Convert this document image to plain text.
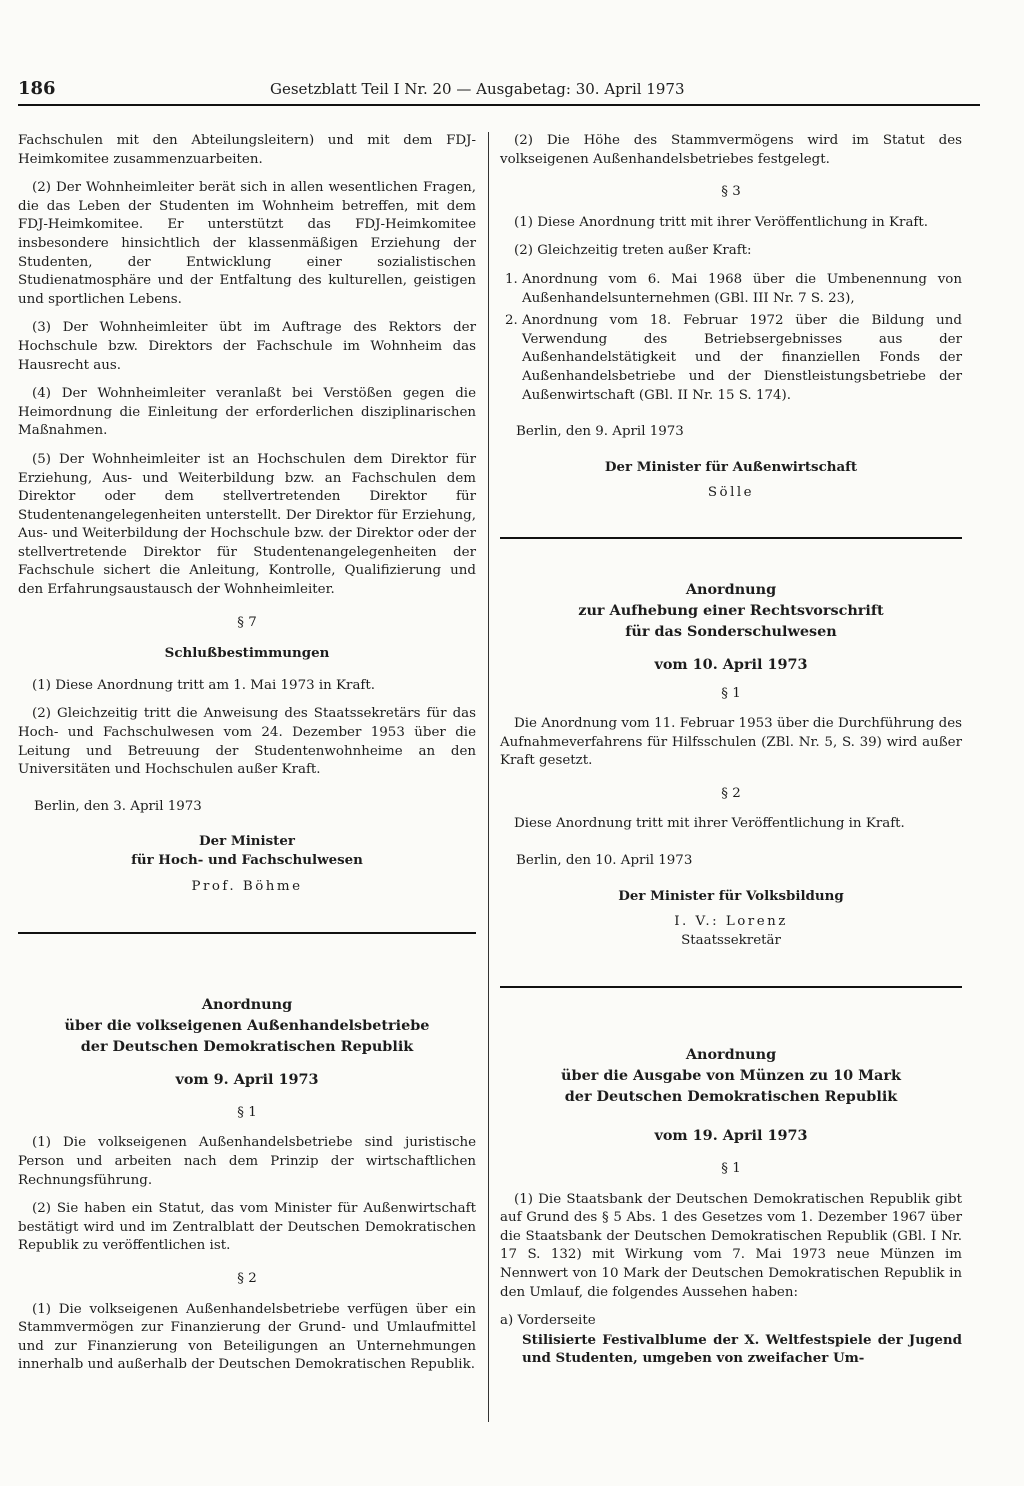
186	Gesetzblatt Teil I Nr. 20 — Ausgabetag: 30. April 1973

Fachschulen mit den Abteilungsleitern) und mit dem FDJ-Heimkomitee zusammenzuarbeiten.

(2) Der Wohnheimleiter berät sich in allen wesentlichen Fragen, die das Leben der Studenten im Wohnheim betreffen, mit dem FDJ-Heimkomitee. Er unterstützt das FDJ-Heimkomitee insbesondere hinsichtlich der klassenmäßigen Erziehung der Studenten, der Entwicklung einer sozialistischen Studienatmosphäre und der Entfaltung des kulturellen, geistigen und sportlichen Lebens.

(3) Der Wohnheimleiter übt im Auftrage des Rektors der Hochschule bzw. Direktors der Fachschule im Wohnheim das Hausrecht aus.

(4) Der Wohnheimleiter veranlaßt bei Verstößen gegen die Heimordnung die Einleitung der erforderlichen disziplinarischen Maßnahmen.

(5) Der Wohnheimleiter ist an Hochschulen dem Direktor für Erziehung, Aus- und Weiterbildung bzw. an Fachschulen dem Direktor oder dem stellvertretenden Direktor für Studentenangelegenheiten unterstellt. Der Direktor für Erziehung, Aus- und Weiterbildung der Hochschule bzw. der Direktor oder der stellvertretende Direktor für Studentenangelegenheiten der Fachschule sichert die Anleitung, Kontrolle, Qualifizierung und den Erfahrungsaustausch der Wohnheimleiter.

§ 7

Schlußbestimmungen

(1) Diese Anordnung tritt am 1. Mai 1973 in Kraft.

(2) Gleichzeitig tritt die Anweisung des Staatssekretärs für das Hoch- und Fachschulwesen vom 24. Dezember 1953 über die Leitung und Betreuung der Studentenwohnheime an den Universitäten und Hochschulen außer Kraft.

Berlin, den 3. April 1973

Der Minister

für Hoch- und Fachschulwesen

Prof. Böhme

Anordnung

über die volkseigenen Außenhandelsbetriebe

der Deutschen Demokratischen Republik

vom 9. April 1973

§ 1

(1) Die volkseigenen Außenhandelsbetriebe sind juristische Person und arbeiten nach dem Prinzip der wirtschaftlichen Rechnungsführung.

(2) Sie haben ein Statut, das vom Minister für Außenwirtschaft bestätigt wird und im Zentralblatt der Deutschen Demokratischen Republik zu veröffentlichen ist.

§ 2

(1) Die volkseigenen Außenhandelsbetriebe verfügen über ein Stammvermögen zur Finanzierung der Grund- und Umlaufmittel und zur Finanzierung von Beteiligungen an Unternehmungen innerhalb und außerhalb der Deutschen Demokratischen Republik.

(2) Die Höhe des Stammvermögens wird im Statut des volkseigenen Außenhandelsbetriebes festgelegt.

§ 3

(1) Diese Anordnung tritt mit ihrer Veröffentlichung in Kraft.

(2) Gleichzeitig treten außer Kraft:

1. Anordnung vom 6. Mai 1968 über die Umbenennung von Außenhandelsunternehmen (GBl. III Nr. 7 S. 23),
2. Anordnung vom 18. Februar 1972 über die Bildung und Verwendung des Betriebsergebnisses aus der Außenhandelstätigkeit und der finanziellen Fonds der Außenhandelsbetriebe und der Dienstleistungsbetriebe der Außenwirtschaft (GBl. II Nr. 15 S. 174).

Berlin, den 9. April 1973

Der Minister für Außenwirtschaft

Sölle

Anordnung

zur Aufhebung einer Rechtsvorschrift

für das Sonderschulwesen

vom 10. April 1973

§ 1

Die Anordnung vom 11. Februar 1953 über die Durchführung des Aufnahmeverfahrens für Hilfsschulen (ZBl. Nr. 5, S. 39) wird außer Kraft gesetzt.

§ 2

Diese Anordnung tritt mit ihrer Veröffentlichung in Kraft.

Berlin, den 10. April 1973

Der Minister für Volksbildung

I. V.: Lorenz

Staatssekretär

Anordnung

über die Ausgabe von Münzen zu 10 Mark

der Deutschen Demokratischen Republik

vom 19. April 1973

§ 1

(1) Die Staatsbank der Deutschen Demokratischen Republik gibt auf Grund des § 5 Abs. 1 des Gesetzes vom 1. Dezember 1967 über die Staatsbank der Deutschen Demokratischen Republik (GBl. I Nr. 17 S. 132) mit Wirkung vom 7. Mai 1973 neue Münzen im Nennwert von 10 Mark der Deutschen Demokratischen Republik in den Umlauf, die folgendes Aussehen haben:

a) Vorderseite

Stilisierte Festivalblume der X. Weltfestspiele der Jugend und Studenten, umgeben von zweifacher Um-
